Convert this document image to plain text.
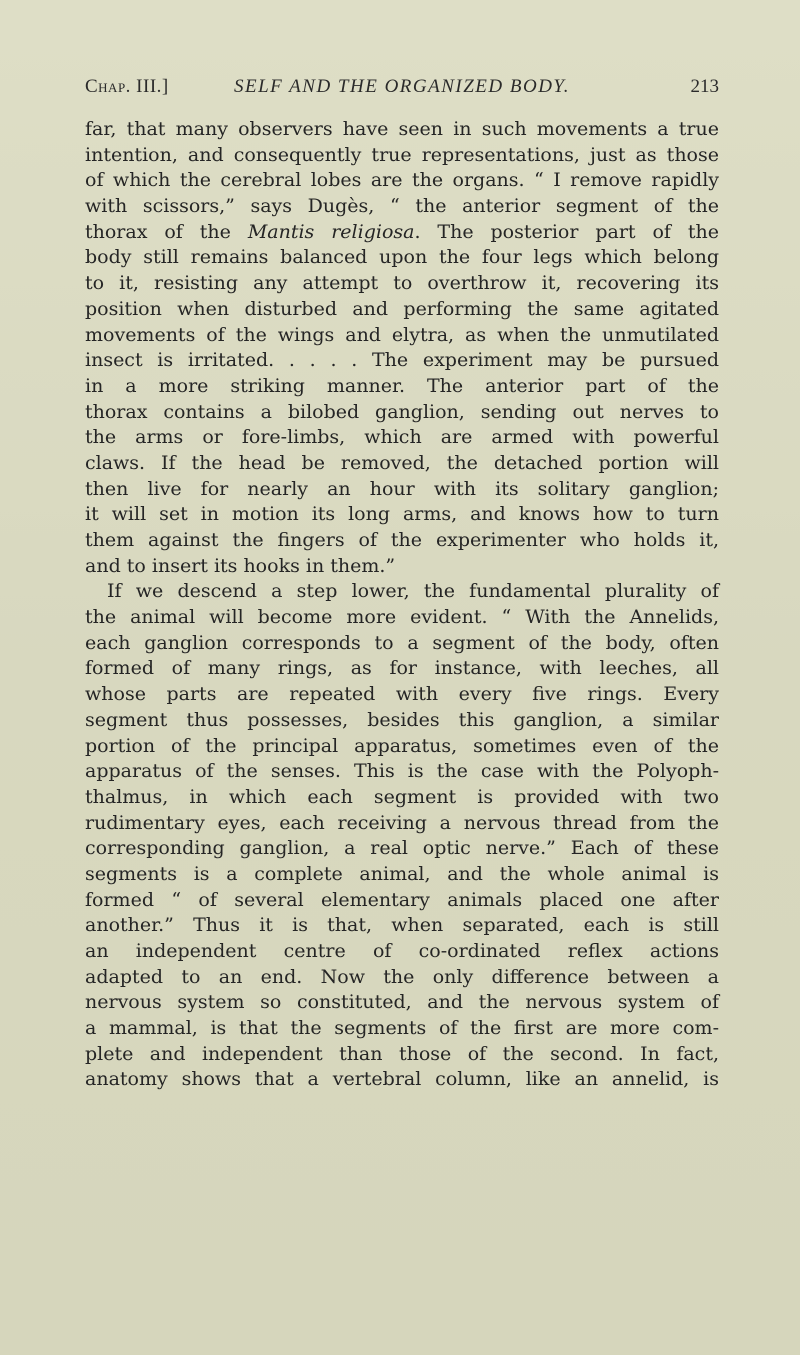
Chap. III.]	SELF AND THE ORGANIZED BODY.	213
far, that many observers have seen in such movements a true
intention, and consequently true representations, just as those
of which the cerebral lobes are the organs. “ I remove rapidly
with scissors,” says Dugès, “ the anterior segment of the
thorax of the Mantis religiosa. The posterior part of the
body still remains balanced upon the four legs which belong
to it, resisting any attempt to overthrow it, recovering its
position when disturbed and performing the same agitated
movements of the wings and elytra, as when the unmutilated
insect is irritated. . . . . The experiment may be pursued
in a more striking manner. The anterior part of the
thorax contains a bilobed ganglion, sending out nerves to
the arms or fore-limbs, which are armed with powerful
claws. If the head be removed, the detached portion will
then live for nearly an hour with its solitary ganglion;
it will set in motion its long arms, and knows how to turn
them against the fingers of the experimenter who holds it,
and to insert its hooks in them.”
If we descend a step lower, the fundamental plurality of
the animal will become more evident. “ With the Annelids,
each ganglion corresponds to a segment of the body, often
formed of many rings, as for instance, with leeches, all
whose parts are repeated with every five rings. Every
segment thus possesses, besides this ganglion, a similar
portion of the principal apparatus, sometimes even of the
apparatus of the senses. This is the case with the Polyoph-
thalmus, in which each segment is provided with two
rudimentary eyes, each receiving a nervous thread from the
corresponding ganglion, a real optic nerve.” Each of these
segments is a complete animal, and the whole animal is
formed “ of several elementary animals placed one after
another.” Thus it is that, when separated, each is still
an independent centre of co-ordinated reflex actions
adapted to an end. Now the only difference between a
nervous system so constituted, and the nervous system of
a mammal, is that the segments of the first are more com-
plete and independent than those of the second. In fact,
anatomy shows that a vertebral column, like an annelid, is
